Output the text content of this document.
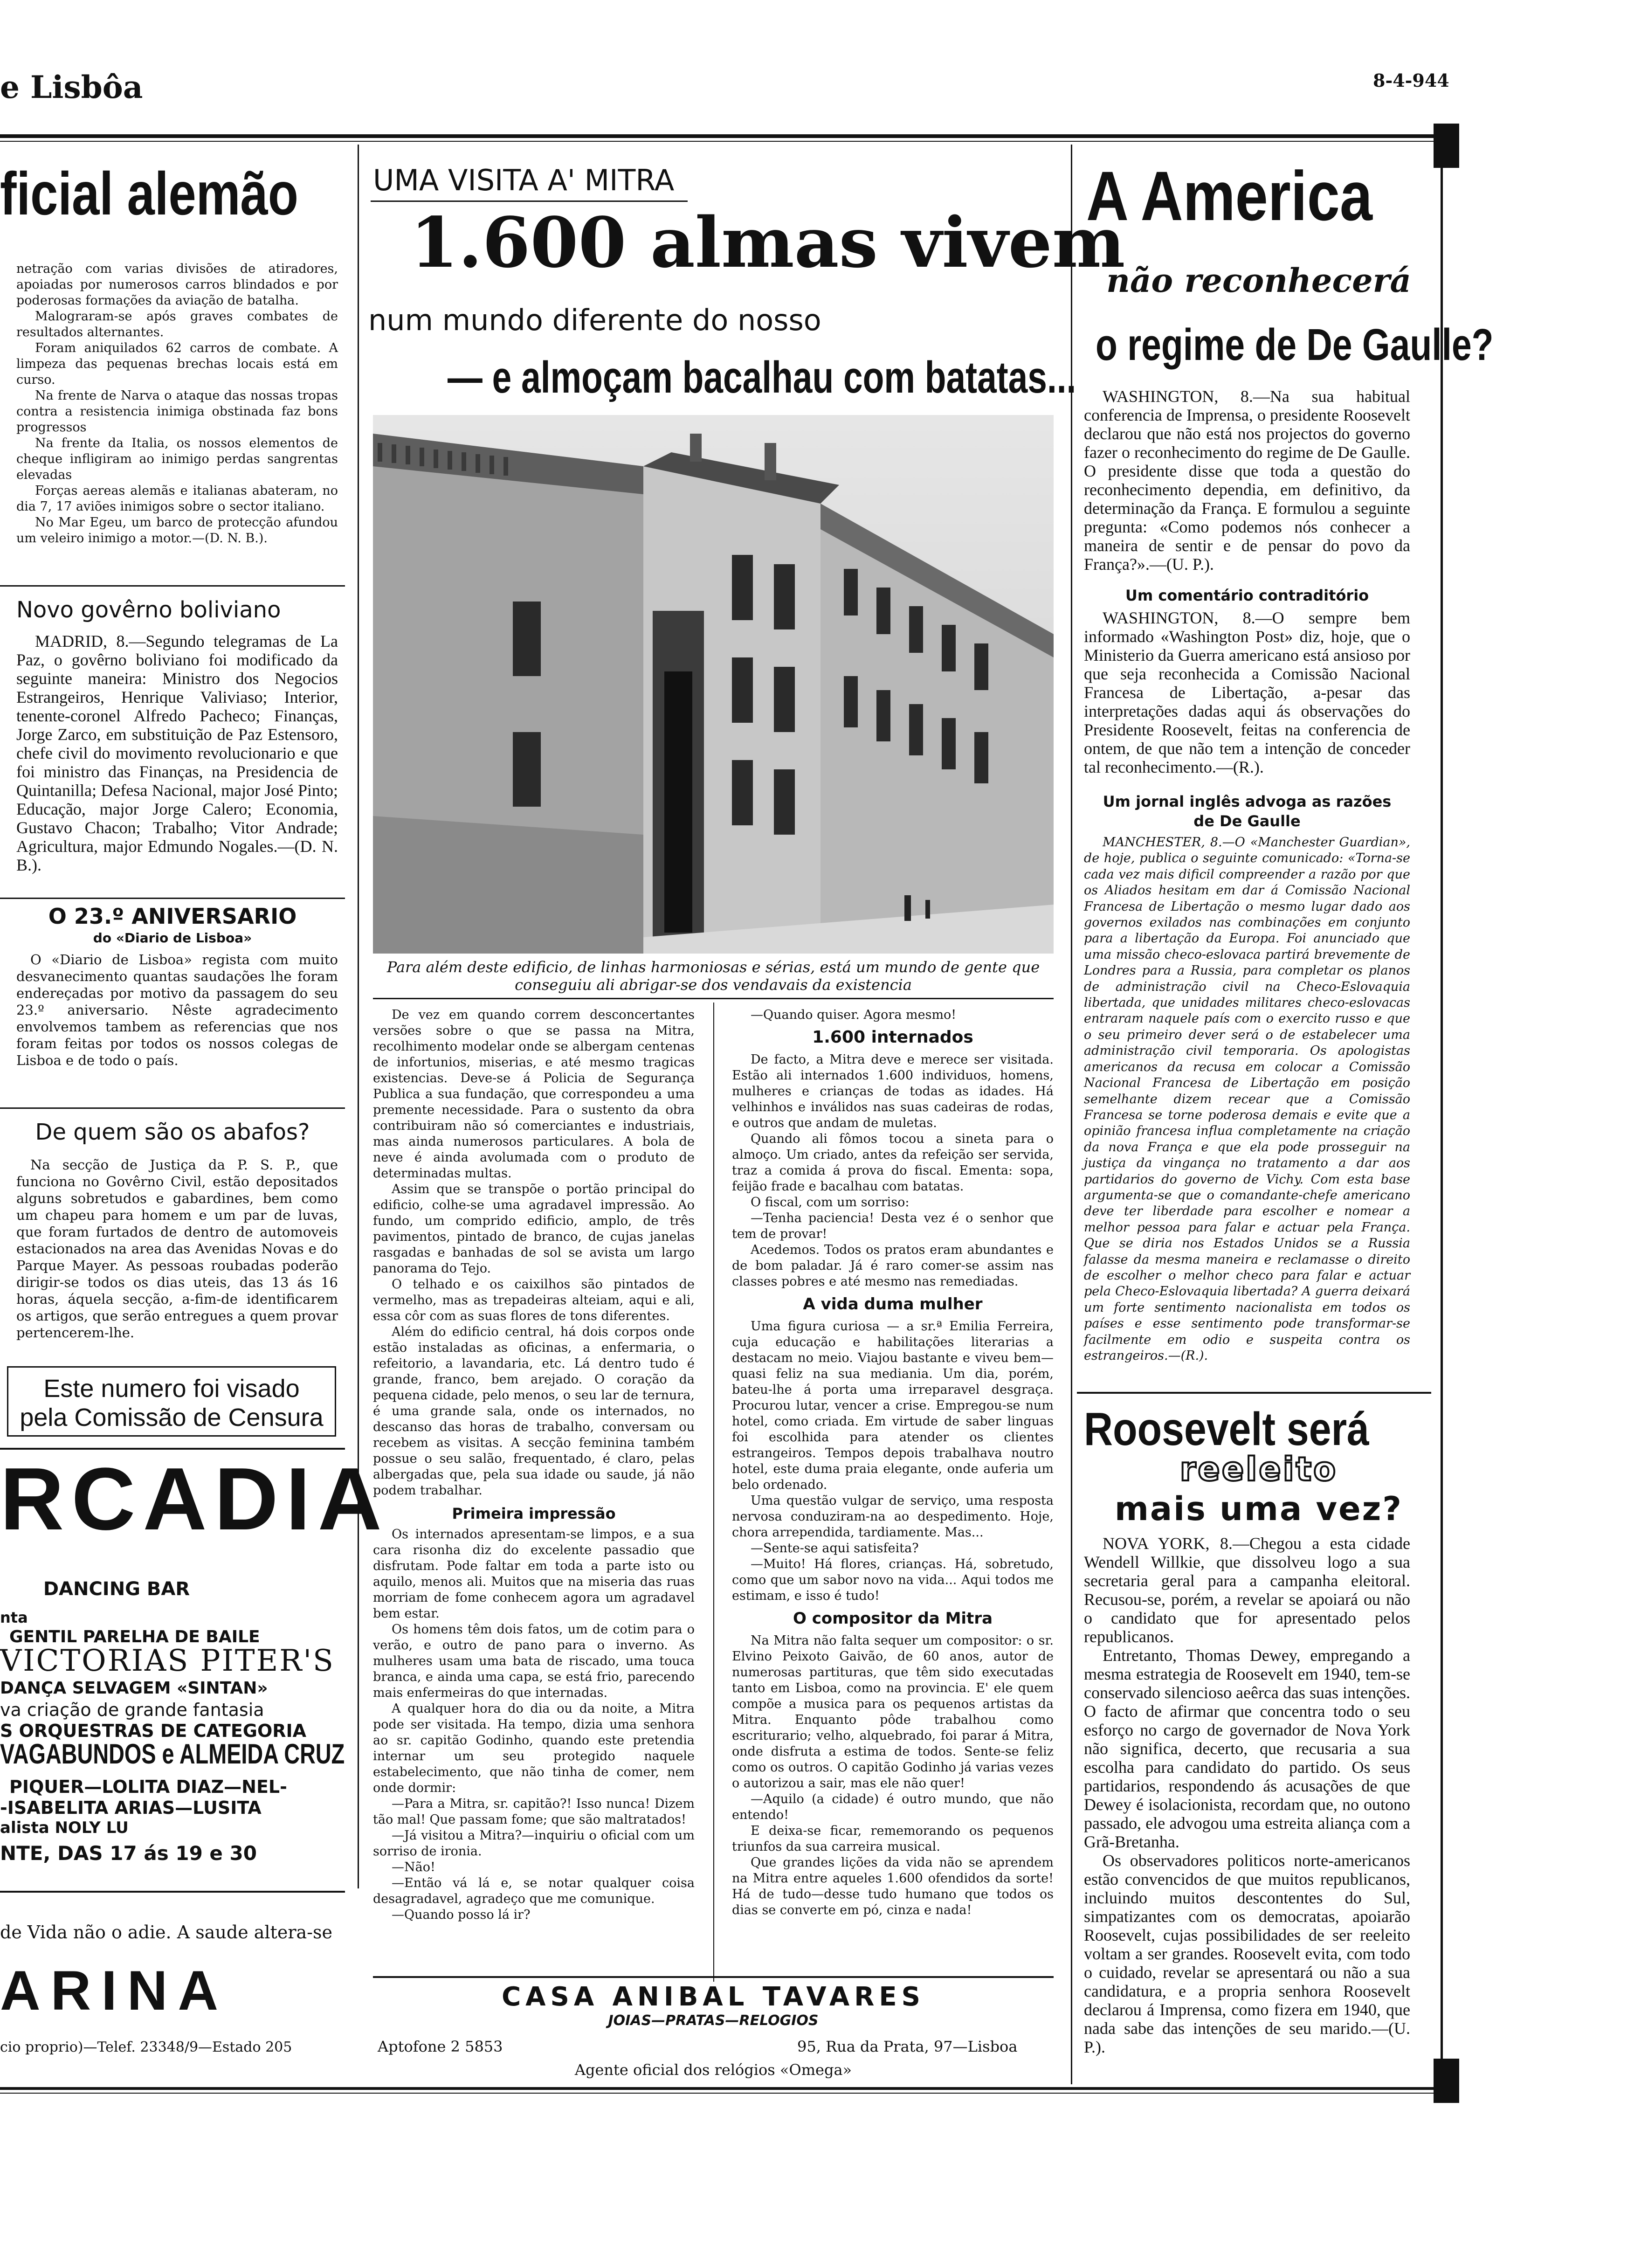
e Lisbôa	8-4-944
ficial alemão

netração com varias divisões de atiradores, apoiadas por numerosos carros blindados e por poderosas formações da aviação de batalha.

Malograram-se após graves combates de resultados alternantes.

Foram aniquilados 62 carros de combate. A limpeza das pequenas brechas locais está em curso.

Na frente de Narva o ataque das nossas tropas contra a resistencia inimiga obstinada faz bons progressos

Na frente da Italia, os nossos elementos de cheque infligiram ao inimigo perdas sangrentas elevadas

Forças aereas alemãs e italianas abateram, no dia 7, 17 aviões inimigos sobre o sector italiano.

No Mar Egeu, um barco de protecção afundou um veleiro inimigo a motor.—(D. N. B.).

Novo govêrno boliviano
MADRID, 8.—Segundo telegramas de La Paz, o govêrno boliviano foi modificado da seguinte maneira: Ministro dos Negocios Estrangeiros, Henrique Valiviaso; Interior, tenente-coronel Alfredo Pacheco; Finanças, Jorge Zarco, em substituição de Paz Estensoro, chefe civil do movimento revolucionario e que foi ministro das Finanças, na Presidencia de Quintanilla; Defesa Nacional, major José Pinto; Educação, major Jorge Calero; Economia, Gustavo Chacon; Trabalho; Vitor Andrade; Agricultura, major Edmundo Nogales.—(D. N. B.).
O 23.º ANIVERSARIO
do «Diario de Lisboa»
O «Diario de Lisboa» regista com muito desvanecimento quantas saudações lhe foram endereçadas por motivo da passagem do seu 23.º aniversario. Nêste agradecimento envolvemos tambem as referencias que nos foram feitas por todos os nossos colegas de Lisboa e de todo o país.
De quem são os abafos?
Na secção de Justiça da P. S. P., que funciona no Govêrno Civil, estão depositados alguns sobretudos e gabardines, bem como um chapeu para homem e um par de luvas, que foram furtados de dentro de automoveis estacionados na area das Avenidas Novas e do Parque Mayer. As pessoas roubadas poderão dirigir-se todos os dias uteis, das 13 ás 16 horas, áquela secção, a-fim-de identificarem os artigos, que serão entregues a quem provar pertencerem-lhe.
Este numero foi visado
pela Comissão de Censura
RCADIA
DANCING BAR
nta
GENTIL PARELHA DE BAILE
VICTORIAS PITER'S
DANÇA SELVAGEM «SINTAN»
va criação de grande fantasia
S ORQUESTRAS DE CATEGORIA
VAGABUNDOS e ALMEIDA CRUZ
PIQUER—LOLITA DIAZ—NEL-
-ISABELITA ARIAS—LUSITA
alista NOLY LU
NTE, DAS 17 ás 19 e 30
de Vida não o adie. A saude altera-se
ARINA
cio proprio)—Telef. 23348/9—Estado 205
UMA VISITA A' MITRA
1.600 almas vivem
num mundo diferente do nosso
— e almoçam bacalhau com batatas...
Para além deste edificio, de linhas harmoniosas e sérias, está um mundo de gente que conseguiu ali abrigar-se dos vendavais da existencia

De vez em quando correm desconcertantes versões sobre o que se passa na Mitra, recolhimento modelar onde se albergam centenas de infortunios, miserias, e até mesmo tragicas existencias. Deve-se á Policia de Segurança Publica a sua fundação, que correspondeu a uma premente necessidade. Para o sustento da obra contribuiram não só comerciantes e industriais, mas ainda numerosos particulares. A bola de neve é ainda avolumada com o produto de determinadas multas.

Assim que se transpõe o portão principal do edificio, colhe-se uma agradavel impressão. Ao fundo, um comprido edificio, amplo, de três pavimentos, pintado de branco, de cujas janelas rasgadas e banhadas de sol se avista um largo panorama do Tejo.

O telhado e os caixilhos são pintados de vermelho, mas as trepadeiras alteiam, aqui e ali, essa côr com as suas flores de tons diferentes.

Além do edificio central, há dois corpos onde estão instaladas as oficinas, a enfermaria, o refeitorio, a lavandaria, etc. Lá dentro tudo é grande, franco, bem arejado. O coração da pequena cidade, pelo menos, o seu lar de ternura, é uma grande sala, onde os internados, no descanso das horas de trabalho, conversam ou recebem as visitas. A secção feminina também possue o seu salão, frequentado, é claro, pelas albergadas que, pela sua idade ou saude, já não podem trabalhar.

Primeira impressão

Os internados apresentam-se limpos, e a sua cara risonha diz do excelente passadio que disfrutam. Pode faltar em toda a parte isto ou aquilo, menos ali. Muitos que na miseria das ruas morriam de fome conhecem agora um agradavel bem estar.

Os homens têm dois fatos, um de cotim para o verão, e outro de pano para o inverno. As mulheres usam uma bata de riscado, uma touca branca, e ainda uma capa, se está frio, parecendo mais enfermeiras do que internadas.

A qualquer hora do dia ou da noite, a Mitra pode ser visitada. Ha tempo, dizia uma senhora ao sr. capitão Godinho, quando este pretendia internar um seu protegido naquele estabelecimento, que não tinha de comer, nem onde dormir:

—Para a Mitra, sr. capitão?! Isso nunca! Dizem tão mal! Que passam fome; que são maltratados!

—Já visitou a Mitra?—inquiriu o oficial com um sorriso de ironia.

—Não!

—Então vá lá e, se notar qualquer coisa desagradavel, agradeço que me comunique.

—Quando posso lá ir?

—Quando quiser. Agora mesmo!

1.600 internados

De facto, a Mitra deve e merece ser visitada. Estão ali internados 1.600 individuos, homens, mulheres e crianças de todas as idades. Há velhinhos e inválidos nas suas cadeiras de rodas, e outros que andam de muletas.

Quando ali fômos tocou a sineta para o almoço. Um criado, antes da refeição ser servida, traz a comida á prova do fiscal. Ementa: sopa, feijão frade e bacalhau com batatas.

O fiscal, com um sorriso:

—Tenha paciencia! Desta vez é o senhor que tem de provar!

Acedemos. Todos os pratos eram abundantes e de bom paladar. Já é raro comer-se assim nas classes pobres e até mesmo nas remediadas.

A vida duma mulher

Uma figura curiosa — a sr.ª Emilia Ferreira, cuja educação e habilitações literarias a destacam no meio. Viajou bastante e viveu bem—quasi feliz na sua mediania. Um dia, porém, bateu-lhe á porta uma irreparavel desgraça. Procurou lutar, vencer a crise. Empregou-se num hotel, como criada. Em virtude de saber linguas foi escolhida para atender os clientes estrangeiros. Tempos depois trabalhava noutro hotel, este duma praia elegante, onde auferia um belo ordenado.

Uma questão vulgar de serviço, uma resposta nervosa conduziram-na ao despedimento. Hoje, chora arrependida, tardiamente. Mas...

—Sente-se aqui satisfeita?

—Muito! Há flores, crianças. Há, sobretudo, como que um sabor novo na vida... Aqui todos me estimam, e isso é tudo!

O compositor da Mitra

Na Mitra não falta sequer um compositor: o sr. Elvino Peixoto Gaivão, de 60 anos, autor de numerosas partituras, que têm sido executadas tanto em Lisboa, como na provincia. E' ele quem compõe a musica para os pequenos artistas da Mitra. Enquanto pôde trabalhou como escriturario; velho, alquebrado, foi parar á Mitra, onde disfruta a estima de todos. Sente-se feliz como os outros. O capitão Godinho já varias vezes o autorizou a sair, mas ele não quer!

—Aquilo (a cidade) é outro mundo, que não entendo!

E deixa-se ficar, rememorando os pequenos triunfos da sua carreira musical.

Que grandes lições da vida não se aprendem na Mitra entre aqueles 1.600 ofendidos da sorte! Há de tudo—desse tudo humano que todos os dias se converte em pó, cinza e nada!

CASA ANIBAL TAVARES
JOIAS—PRATAS—RELOGIOS
Aptofone 2 5853	95, Rua da Prata, 97—Lisboa
Agente oficial dos relógios «Omega»
A America
não reconhecerá
o regime de De Gaulle?
WASHINGTON, 8.—Na sua habitual conferencia de Imprensa, o presidente Roosevelt declarou que não está nos projectos do governo fazer o reconhecimento do regime de De Gaulle. O presidente disse que toda a questão do reconhecimento dependia, em definitivo, da determinação da França. E formulou a seguinte pregunta: «Como podemos nós conhecer a maneira de sentir e de pensar do povo da França?».—(U. P.).
Um comentário contraditório
WASHINGTON, 8.—O sempre bem informado «Washington Post» diz, hoje, que o Ministerio da Guerra americano está ansioso por que seja reconhecida a Comissão Nacional Francesa de Libertação, a-pesar das interpretações dadas aqui ás observações do Presidente Roosevelt, feitas na conferencia de ontem, de que não tem a intenção de conceder tal reconhecimento.—(R.).
Um jornal inglês advoga as razões
de De Gaulle
MANCHESTER, 8.—O «Manchester Guardian», de hoje, publica o seguinte comunicado: «Torna-se cada vez mais dificil compreender a razão por que os Aliados hesitam em dar á Comissão Nacional Francesa de Libertação o mesmo lugar dado aos governos exilados nas combinações em conjunto para a libertação da Europa. Foi anunciado que uma missão checo-eslovaca partirá brevemente de Londres para a Russia, para completar os planos de administração civil na Checo-Eslovaquia libertada, que unidades militares checo-eslovacas entraram naquele país com o exercito russo e que o seu primeiro dever será o de estabelecer uma administração civil temporaria. Os apologistas americanos da recusa em colocar a Comissão Nacional Francesa de Libertação em posição semelhante dizem recear que a Comissão Francesa se torne poderosa demais e evite que a opinião francesa influa completamente na criação da nova França e que ela pode prosseguir na justiça da vingança no tratamento a dar aos partidarios do governo de Vichy. Com esta base argumenta-se que o comandante-chefe americano deve ter liberdade para escolher e nomear a melhor pessoa para falar e actuar pela França. Que se diria nos Estados Unidos se a Russia falasse da mesma maneira e reclamasse o direito de escolher o melhor checo para falar e actuar pela Checo-Eslovaquia libertada? A guerra deixará um forte sentimento nacionalista em todos os países e esse sentimento pode transformar-se facilmente em odio e suspeita contra os estrangeiros.—(R.).
Roosevelt será
reeleito
mais uma vez?

NOVA YORK, 8.—Chegou a esta cidade Wendell Willkie, que dissolveu logo a sua secretaria geral para a campanha eleitoral. Recusou-se, porém, a revelar se apoiará ou não o candidato que for apresentado pelos republicanos.

Entretanto, Thomas Dewey, empregando a mesma estrategia de Roosevelt em 1940, tem-se conservado silencioso aeêrca das suas intenções. O facto de afirmar que concentra todo o seu esforço no cargo de governador de Nova York não significa, decerto, que recusaria a sua escolha para candidato do partido. Os seus partidarios, respondendo ás acusações de que Dewey é isolacionista, recordam que, no outono passado, ele advogou uma estreita aliança com a Grã-Bretanha.

Os observadores politicos norte-americanos estão convencidos de que muitos republicanos, incluindo muitos descontentes do Sul, simpatizantes com os democratas, apoiarão Roosevelt, cujas possibilidades de ser reeleito voltam a ser grandes. Roosevelt evita, com todo o cuidado, revelar se apresentará ou não a sua candidatura, e a propria senhora Roosevelt declarou á Imprensa, como fizera em 1940, que nada sabe das intenções de seu marido.—(U. P.).
